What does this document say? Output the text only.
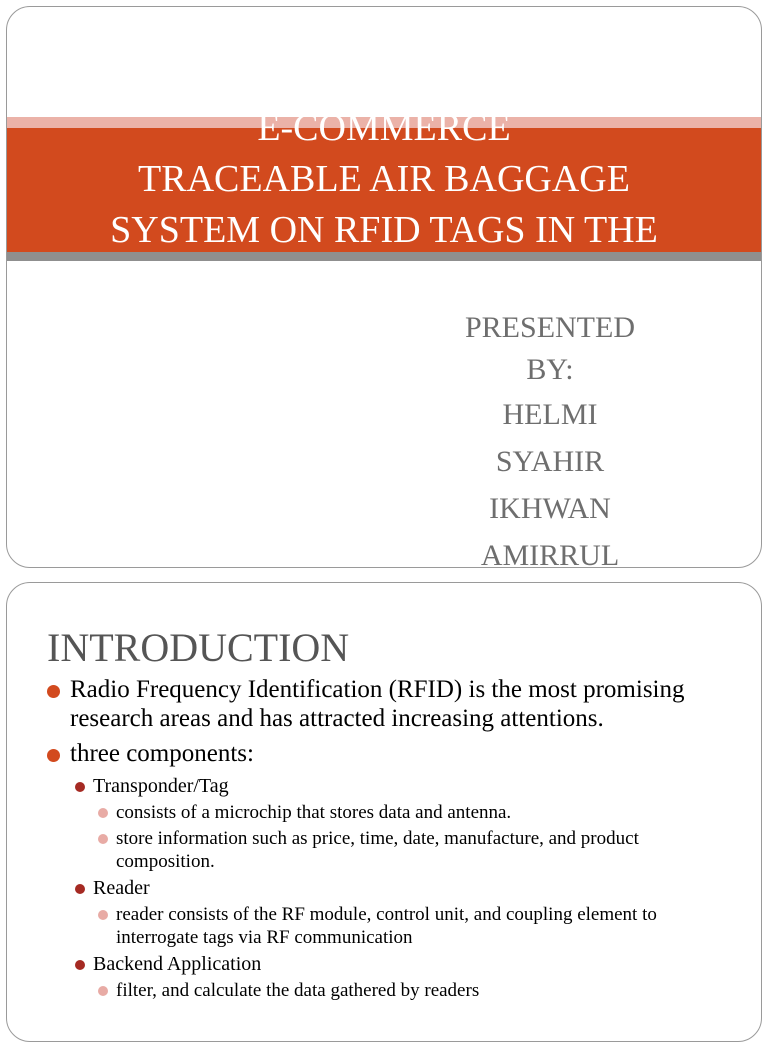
E-COMMERCE
TRACEABLE AIR BAGGAGE
SYSTEM ON RFID TAGS IN THE
AIRPORT
PRESENTED
BY:
HELMI
SYAHIR
IKHWAN
AMIRRUL
INTRODUCTION
Radio Frequency Identification (RFID) is the most promising research areas and has attracted increasing attentions.
three components:
Transponder/Tag
consists of a microchip that stores data and antenna.
store information such as price, time, date, manufacture, and product composition.
Reader
reader consists of the RF module, control unit, and coupling element to interrogate tags via RF communication
Backend Application
filter, and calculate the data gathered by readers
